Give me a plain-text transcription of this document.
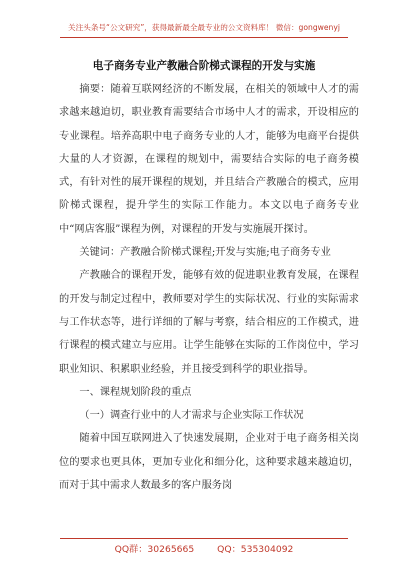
关注头条号“公文研究”，获得最新最全最专业的公文资料库！ 微信：gongwenyj
电子商务专业产教融合阶梯式课程的开发与实施

摘要：随着互联网经济的不断发展，在相关的领域中人才的需求越来越迫切，职业教育需要结合市场中人才的需求，开设相应的专业课程。培养高职中电子商务专业的人才，能够为电商平台提供大量的人才资源，在课程的规划中，需要结合实际的电子商务模式，有针对性的展开课程的规划，并且结合产教融合的模式，应用阶梯式课程，提升学生的实际工作能力。本文以电子商务专业中“网店客服”课程为例，对课程的开发与实施展开探讨。

关键词：产教融合阶梯式课程;开发与实施;电子商务专业

产教融合的课程开发，能够有效的促进职业教育发展，在课程的开发与制定过程中，教师要对学生的实际状况、行业的实际需求与工作状态等，进行详细的了解与考察，结合相应的工作模式，进行课程的模式建立与应用。让学生能够在实际的工作岗位中，学习职业知识、积累职业经验，并且接受到科学的职业指导。

一、课程规划阶段的重点

（一）调查行业中的人才需求与企业实际工作状况

随着中国互联网进入了快速发展期，企业对于电子商务相关岗位的要求也更具体，更加专业化和细分化，这种要求越来越迫切，而对于其中需求人数最多的客户服务岗

QQ群：30265665 QQ：535304092
